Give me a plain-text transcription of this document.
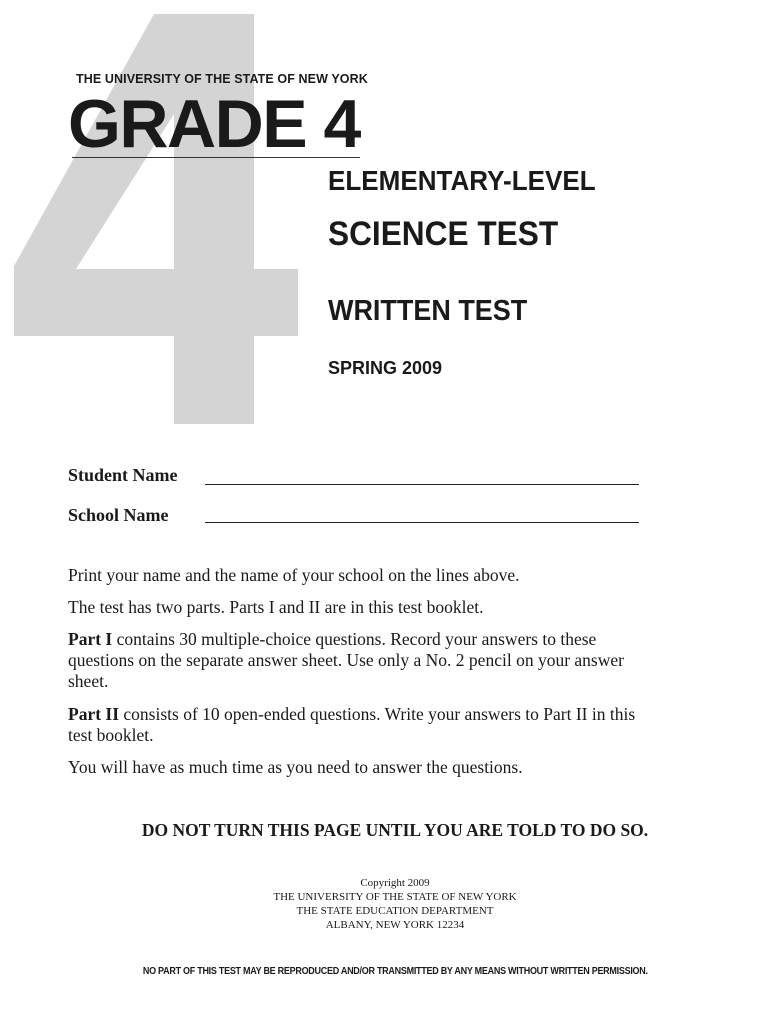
THE UNIVERSITY OF THE STATE OF NEW YORK
GRADE 4
ELEMENTARY-LEVEL
SCIENCE TEST
WRITTEN TEST
SPRING 2009
Student Name
School Name
Print your name and the name of your school on the lines above.
The test has two parts. Parts I and II are in this test booklet.
Part I contains 30 multiple-choice questions. Record your answers to these questions on the separate answer sheet. Use only a No. 2 pencil on your answer sheet.
Part II consists of 10 open-ended questions. Write your answers to Part II in this test booklet.
You will have as much time as you need to answer the questions.
DO NOT TURN THIS PAGE UNTIL YOU ARE TOLD TO DO SO.
Copyright 2009
THE UNIVERSITY OF THE STATE OF NEW YORK
THE STATE EDUCATION DEPARTMENT
ALBANY, NEW YORK 12234
NO PART OF THIS TEST MAY BE REPRODUCED AND/OR TRANSMITTED BY ANY MEANS WITHOUT WRITTEN PERMISSION.
